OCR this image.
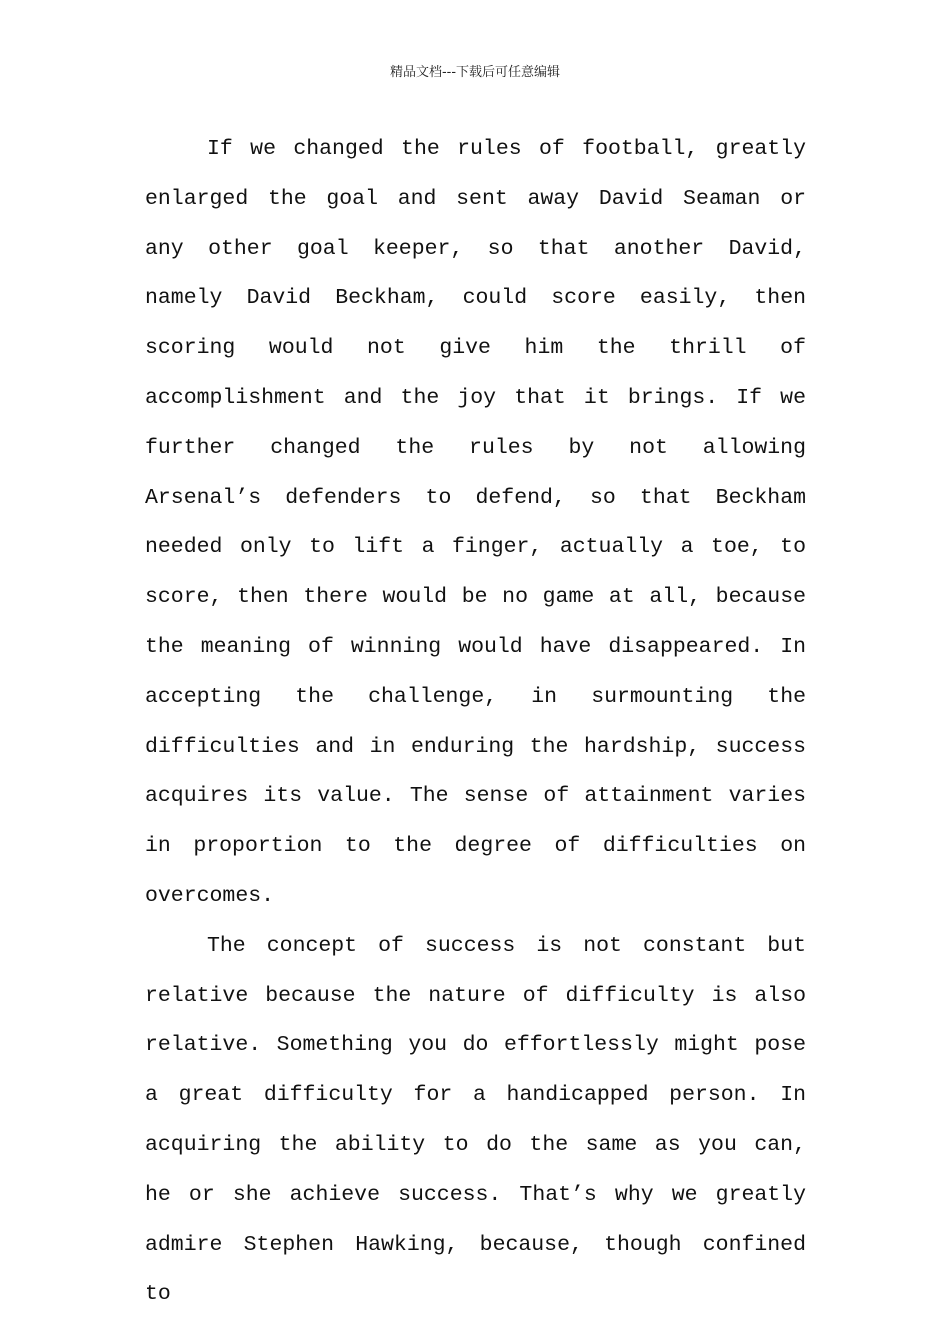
精品文档---下载后可任意编辑

If we changed the rules of football, greatly enlarged the goal and sent away David Seaman or any other goal keeper, so that another David, namely David Beckham, could score easily, then scoring would not give him the thrill of accomplishment and the joy that it brings. If we further changed the rules by not allowing Arsenal’s defenders to defend, so that Beckham needed only to lift a finger, actually a toe, to score, then there would be no game at all, because the meaning of winning would have disappeared. In accepting the challenge, in surmounting the difficulties and in enduring the hardship, success acquires its value. The sense of attainment varies in proportion to the degree of difficulties on overcomes.

The concept of success is not constant but relative because the nature of difficulty is also relative. Something you do effortlessly might pose a great difficulty for a handicapped person. In acquiring the ability to do the same as you can, he or she achieve success. That’s why we greatly admire Stephen Hawking, because, though confined to
